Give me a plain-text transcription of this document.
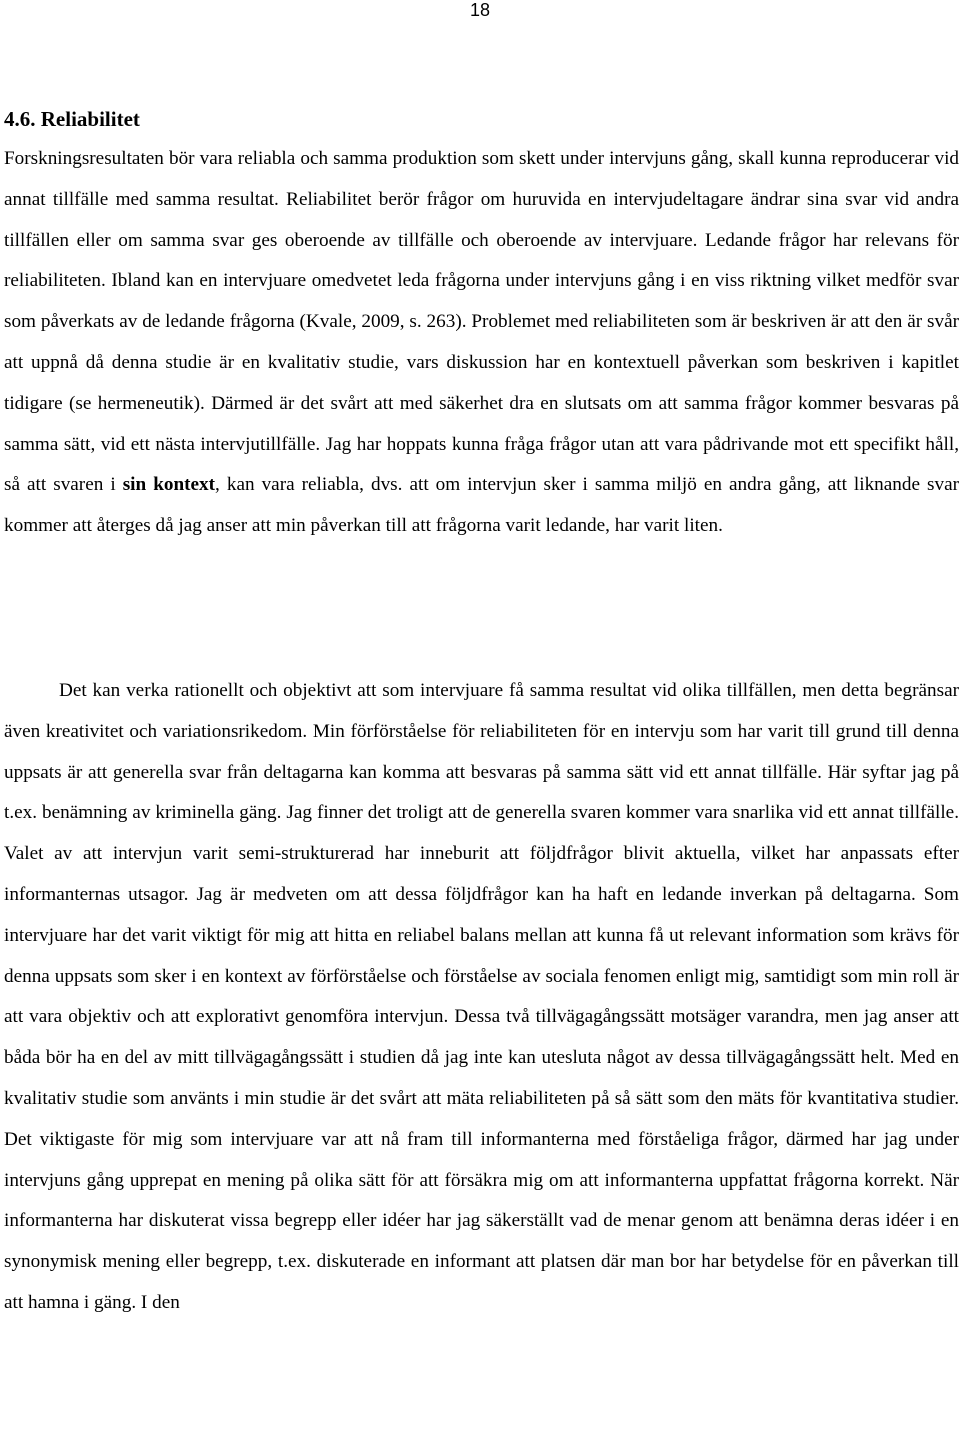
18
4.6. Reliabilitet

Forskningsresultaten bör vara reliabla och samma produktion som skett under intervjuns gång, skall kunna reproducerar vid annat tillfälle med samma resultat. Reliabilitet berör frågor om huruvida en intervjudeltagare ändrar sina svar vid andra tillfällen eller om samma svar ges oberoende av tillfälle och oberoende av intervjuare. Ledande frågor har relevans för reliabiliteten. Ibland kan en intervjuare omedvetet leda frågorna under intervjuns gång i en viss riktning vilket medför svar som påverkats av de ledande frågorna (Kvale, 2009, s. 263). Problemet med reliabiliteten som är beskriven är att den är svår att uppnå då denna studie är en kvalitativ studie, vars diskussion har en kontextuell påverkan som beskriven i kapitlet tidigare (se hermeneutik). Därmed är det svårt att med säkerhet dra en slutsats om att samma frågor kommer besvaras på samma sätt, vid ett nästa intervjutillfälle. Jag har hoppats kunna fråga frågor utan att vara pådrivande mot ett specifikt håll, så att svaren i sin kontext, kan vara reliabla, dvs. att om intervjun sker i samma miljö en andra gång, att liknande svar kommer att återges då jag anser att min påverkan till att frågorna varit ledande, har varit liten.

Det kan verka rationellt och objektivt att som intervjuare få samma resultat vid olika tillfällen, men detta begränsar även kreativitet och variationsrikedom. Min förförståelse för reliabiliteten för en intervju som har varit till grund till denna uppsats är att generella svar från deltagarna kan komma att besvaras på samma sätt vid ett annat tillfälle. Här syftar jag på t.ex. benämning av kriminella gäng. Jag finner det troligt att de generella svaren kommer vara snarlika vid ett annat tillfälle. Valet av att intervjun varit semi-strukturerad har inneburit att följdfrågor blivit aktuella, vilket har anpassats efter informanternas utsagor. Jag är medveten om att dessa följdfrågor kan ha haft en ledande inverkan på deltagarna. Som intervjuare har det varit viktigt för mig att hitta en reliabel balans mellan att kunna få ut relevant information som krävs för denna uppsats som sker i en kontext av förförståelse och förståelse av sociala fenomen enligt mig, samtidigt som min roll är att vara objektiv och att explorativt genomföra intervjun. Dessa två tillvägagångssätt motsäger varandra, men jag anser att båda bör ha en del av mitt tillvägagångssätt i studien då jag inte kan utesluta något av dessa tillvägagångssätt helt. Med en kvalitativ studie som använts i min studie är det svårt att mäta reliabiliteten på så sätt som den mäts för kvantitativa studier. Det viktigaste för mig som intervjuare var att nå fram till informanterna med förståeliga frågor, därmed har jag under intervjuns gång upprepat en mening på olika sätt för att försäkra mig om att informanterna uppfattat frågorna korrekt. När informanterna har diskuterat vissa begrepp eller idéer har jag säkerställt vad de menar genom att benämna deras idéer i en synonymisk mening eller begrepp, t.ex. diskuterade en informant att platsen där man bor har betydelse för en påverkan till att hamna i gäng. I den
